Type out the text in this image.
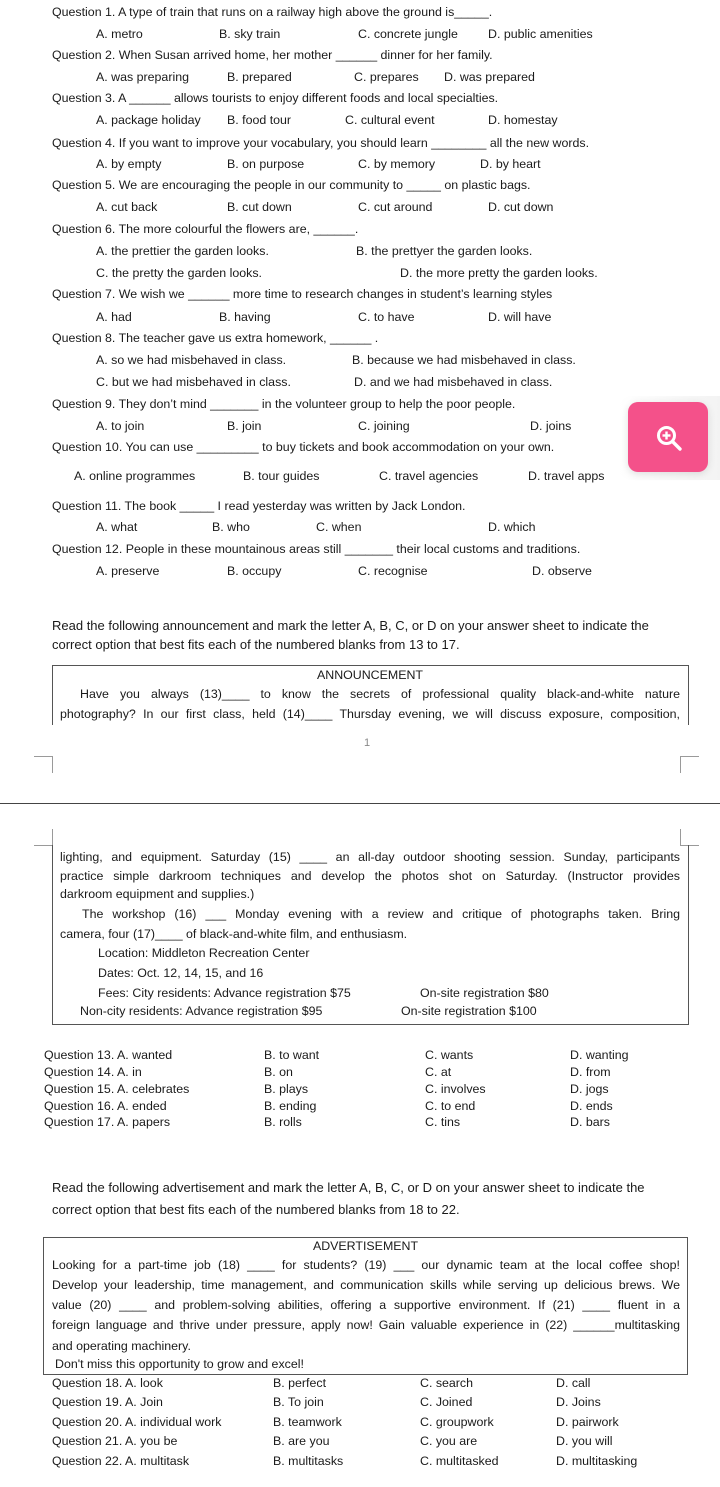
Question 1. A type of train that runs on a railway high above the ground is_____.
A. metro	B. sky train	C. concrete jungle D. public amenities
Question 2. When Susan arrived home, her mother ______ dinner for her family.
A. was preparing	B. prepared	C. prepares D. was prepared
Question 3. A ______ allows tourists to enjoy different foods and local specialties.
A. package holiday B. food tour	C. cultural event	D. homestay
Question 4. If you want to improve your vocabulary, you should learn ________ all the new words.
A. by empty	B. on purpose	C. by memory	D. by heart
Question 5. We are encouraging the people in our community to _____ on plastic bags.
A. cut back	B. cut down	C. cut around	D. cut down
Question 6. The more colourful the flowers are, ______.
A. the prettier the garden looks.	B. the prettyer the garden looks.
C. the pretty the garden looks.	D. the more pretty the garden looks.
Question 7. We wish we ______ more time to research changes in student’s learning styles
A. had	B. having	C. to have	D. will have
Question 8. The teacher gave us extra homework, ______ .
A. so we had misbehaved in class.	B. because we had misbehaved in class.
C. but we had misbehaved in class.	D. and we had misbehaved in class.
Question 9. They don’t mind _______ in the volunteer group to help the poor people.
A. to join	B. join	C. joining	D. joins
Question 10. You can use _________ to buy tickets and book accommodation on your own.
A. online programmes	B. tour guides	C. travel agencies	D. travel apps
Question 11. The book _____ I read yesterday was written by Jack London.
A. what	B. who	C. when	D. which
Question 12. People in these mountainous areas still _______ their local customs and traditions.
A. preserve	B. occupy	C. recognise	D. observe
Read the following announcement and mark the letter A, B, C, or D on your answer sheet to indicate the
correct option that best fits each of the numbered blanks from 13 to 17.
ANNOUNCEMENT
Have you always (13)____ to know the secrets of professional quality black-and-white nature
photography? In our first class, held (14)____ Thursday evening, we will discuss exposure, composition,
1
lighting, and equipment. Saturday (15) ____ an all-day outdoor shooting session. Sunday, participants
practice simple darkroom techniques and develop the photos shot on Saturday. (Instructor provides
darkroom equipment and supplies.)
The workshop (16) ___ Monday evening with a review and critique of photographs taken. Bring
camera, four (17)____ of black-and-white film, and enthusiasm.
Location: Middleton Recreation Center
Dates: Oct. 12, 14, 15, and 16
Fees: City residents: Advance registration $75	On-site registration $80
Non-city residents: Advance registration $95	On-site registration $100
Question 13. A. wanted	B. to want	C. wants	D. wanting
Question 14. A. in	B. on	C. at	D. from
Question 15. A. celebrates	B. plays	C. involves	D. jogs
Question 16. A. ended	B. ending	C. to end	D. ends
Question 17. A. papers	B. rolls	C. tins	D. bars
Read the following advertisement and mark the letter A, B, C, or D on your answer sheet to indicate the
correct option that best fits each of the numbered blanks from 18 to 22.
ADVERTISEMENT
Looking for a part-time job (18) ____ for students? (19) ___ our dynamic team at the local coffee shop!
Develop your leadership, time management, and communication skills while serving up delicious brews. We
value (20) ____ and problem-solving abilities, offering a supportive environment. If (21) ____ fluent in a
foreign language and thrive under pressure, apply now! Gain valuable experience in (22) ______multitasking
and operating machinery.
Don't miss this opportunity to grow and excel!
Question 18. A. look	B. perfect	C. search	D. call
Question 19. A. Join	B. To join	C. Joined	D. Joins
Question 20. A. individual work	B. teamwork	C. groupwork	D. pairwork
Question 21. A. you be	B. are you	C. you are	D. you will
Question 22. A. multitask	B. multitasks	C. multitasked	D. multitasking
